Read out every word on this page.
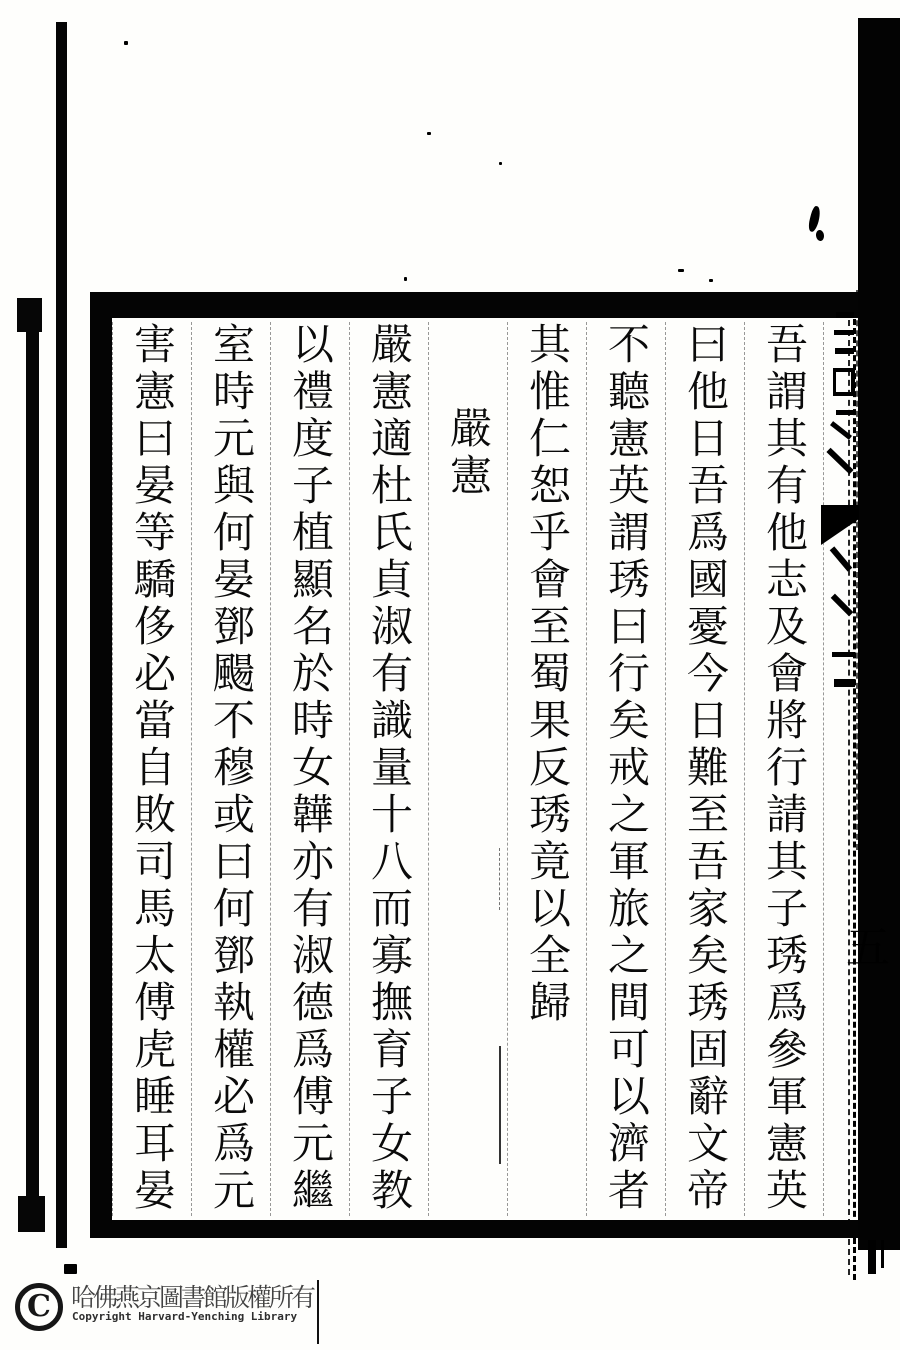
吾謂其有他志及會將行請其子琇爲參軍憲英
曰他日吾爲國憂今日難至吾家矣琇固辭文帝
不聽憲英謂琇曰行矣戒之軍旅之間可以濟者
其惟仁恕乎會至蜀果反琇竟以全歸
嚴憲
嚴憲適杜氏貞淑有識量十八而寡撫育子女教
以禮度子植顯名於時女韡亦有淑德爲傅元繼
室時元與何晏鄧颺不穆或曰何鄧執權必爲元
害憲曰晏等驕侈必當自敗司馬太傅虎睡耳晏	五
C 哈佛燕京圖書館版權所有
Copyright Harvard-Yenching Library
